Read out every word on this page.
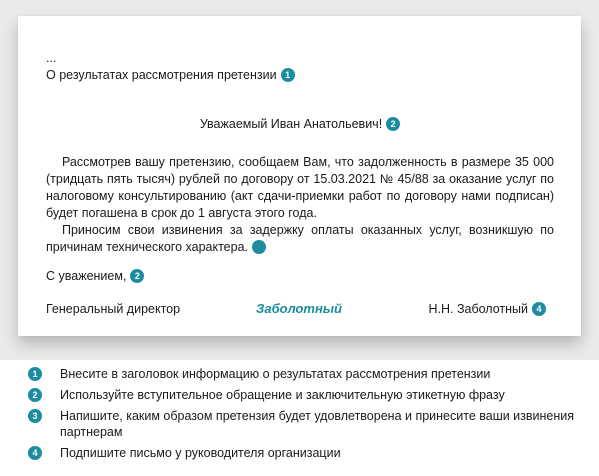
...
О результатах рассмотрения претензии 1
Уважаемый Иван Анатольевич! 2
Рассмотрев вашу претензию, сообщаем Вам, что задолженность в размере 35 000 (тридцать пять тысяч) рублей по договору от 15.03.2021 № 45/88 за оказание услуг по налоговому консультированию (акт сдачи-приемки работ по договору нами подписан) будет погашена в срок до 1 августа этого года.
Приносим свои извинения за задержку оплаты оказанных услуг, возникшую по причинам технического характера. 3
С уважением, 2
Генеральный директор	Заболотный	Н.Н. Заболотный 4
1	Внесите в заголовок информацию о результатах рассмотрения претензии
2	Используйте вступительное обращение и заключительную этикетную фразу
3	Напишите, каким образом претензия будет удовлетворена и принесите ваши извинения партнерам
4	Подпишите письмо у руководителя организации
